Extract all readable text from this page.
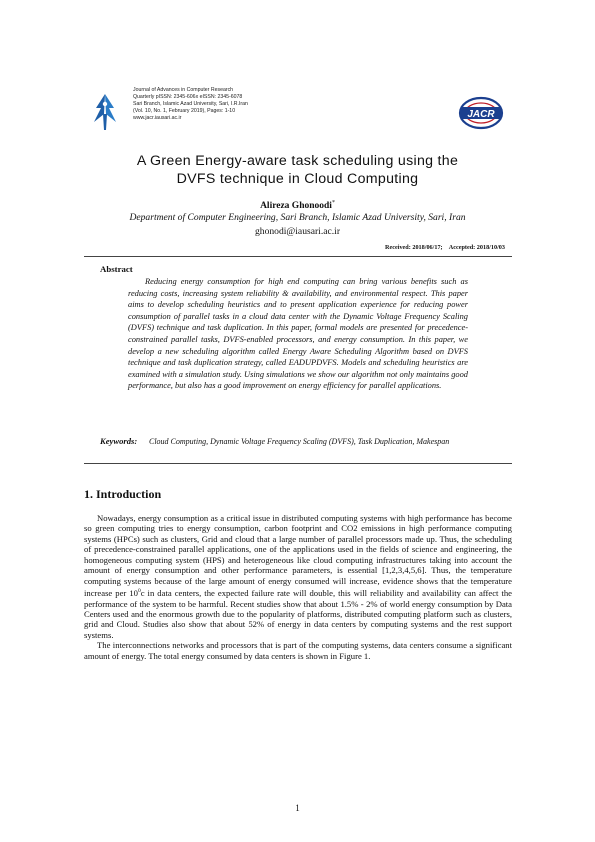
Journal of Advances in Computer Research
Quarterly pISSN: 2345-606x eISSN: 2345-6078
Sari Branch, Islamic Azad University, Sari, I.R.Iran
(Vol. 10, No. 1, February 2019), Pages: 1-10
www.jacr.iausari.ac.ir	JACR
A Green Energy-aware task scheduling using the
DVFS technique in Cloud Computing
Alireza Ghonoodi*
Department of Computer Engineering, Sari Branch, Islamic Azad University, Sari, Iran
ghonodi@iausari.ac.ir
Received: 2018/06/17; Accepted: 2018/10/03
Abstract
Reducing energy consumption for high end computing can bring various benefits such as reducing costs, increasing system reliability & availability, and environmental respect. This paper aims to develop scheduling heuristics and to present application experience for reducing power consumption of parallel tasks in a cloud data center with the Dynamic Voltage Frequency Scaling (DVFS) technique and task duplication. In this paper, formal models are presented for precedence-constrained parallel tasks, DVFS-enabled processors, and energy consumption. In this paper, we develop a new scheduling algorithm called Energy Aware Scheduling Algorithm based on DVFS technique and task duplication strategy, called EADUPDVFS. Models and scheduling heuristics are examined with a simulation study. Using simulations we show our algorithm not only maintains good performance, but also has a good improvement on energy efficiency for parallel applications.
Keywords: Cloud Computing, Dynamic Voltage Frequency Scaling (DVFS), Task Duplication, Makespan
1. Introduction

Nowadays, energy consumption as a critical issue in distributed computing systems with high performance has become so green computing tries to energy consumption, carbon footprint and CO2 emissions in high performance computing systems (HPCs) such as clusters, Grid and cloud that a large number of parallel processors made up. Thus, the scheduling of precedence-constrained parallel applications, one of the applications used in the fields of science and engineering, the homogeneous computing system (HPS) and heterogeneous like cloud computing infrastructures taking into account the amount of energy consumption and other performance parameters, is essential [1,2,3,4,5,6]. Thus, the temperature computing systems because of the large amount of energy consumed will increase, evidence shows that the temperature increase per $10^0c$ in data centers, the expected failure rate will double, this will reliability and availability can affect the performance of the system to be harmful. Recent studies show that about 1.5% - 2% of world energy consumption by Data Centers used and the enormous growth due to the popularity of platforms, distributed computing platform such as clusters, grid and Cloud. Studies also show that about 52% of energy in data centers by computing systems and the rest support systems.

The interconnections networks and processors that is part of the computing systems, data centers consume a significant amount of energy. The total energy consumed by data centers is shown in Figure 1.

1
